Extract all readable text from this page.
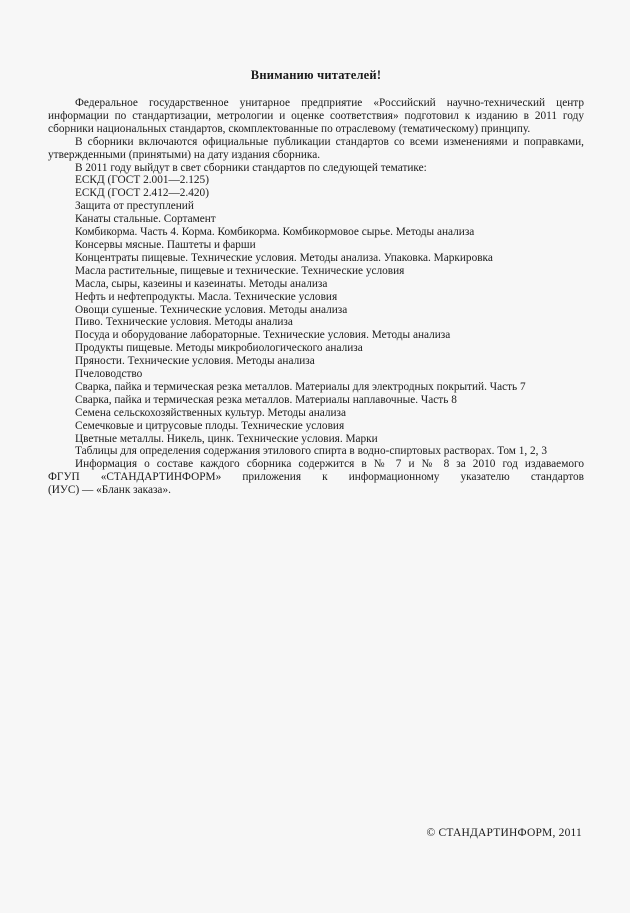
Вниманию читателей!

Федеральное государственное унитарное предприятие «Российский научно-технический центр информации по стандартизации, метрологии и оценке соответствия» подготовил к изданию в 2011 году сборники национальных стандартов, скомплектованные по отраслевому (тематическому) принципу.

В сборники включаются официальные публикации стандартов со всеми изменениями и поправками, утвержденными (принятыми) на дату издания сборника.

В 2011 году выйдут в свет сборники стандартов по следующей тематике:

ЕСКД (ГОСТ 2.001—2.125)

ЕСКД (ГОСТ 2.412—2.420)

Защита от преступлений

Канаты стальные. Сортамент

Комбикорма. Часть 4. Корма. Комбикорма. Комбикормовое сырье. Методы анализа

Консервы мясные. Паштеты и фарши

Концентраты пищевые. Технические условия. Методы анализа. Упаковка. Маркировка

Масла растительные, пищевые и технические. Технические условия

Масла, сыры, казеины и казеинаты. Методы анализа

Нефть и нефтепродукты. Масла. Технические условия

Овощи сушеные. Технические условия. Методы анализа

Пиво. Технические условия. Методы анализа

Посуда и оборудование лабораторные. Технические условия. Методы анализа

Продукты пищевые. Методы микробиологического анализа

Пряности. Технические условия. Методы анализа

Пчеловодство

Сварка, пайка и термическая резка металлов. Материалы для электродных покрытий. Часть 7

Сварка, пайка и термическая резка металлов. Материалы наплавочные. Часть 8

Семена сельскохозяйственных культур. Методы анализа

Семечковые и цитрусовые плоды. Технические условия

Цветные металлы. Никель, цинк. Технические условия. Марки

Таблицы для определения содержания этилового спирта в водно-спиртовых растворах. Том 1, 2, 3

Информация о составе каждого сборника содержится в № 7 и № 8 за 2010 год издаваемого

ФГУП «СТАНДАРТИНФОРМ» приложения к информационному указателю стандартов

(ИУС) — «Бланк заказа».

© СТАНДАРТИНФОРМ, 2011
